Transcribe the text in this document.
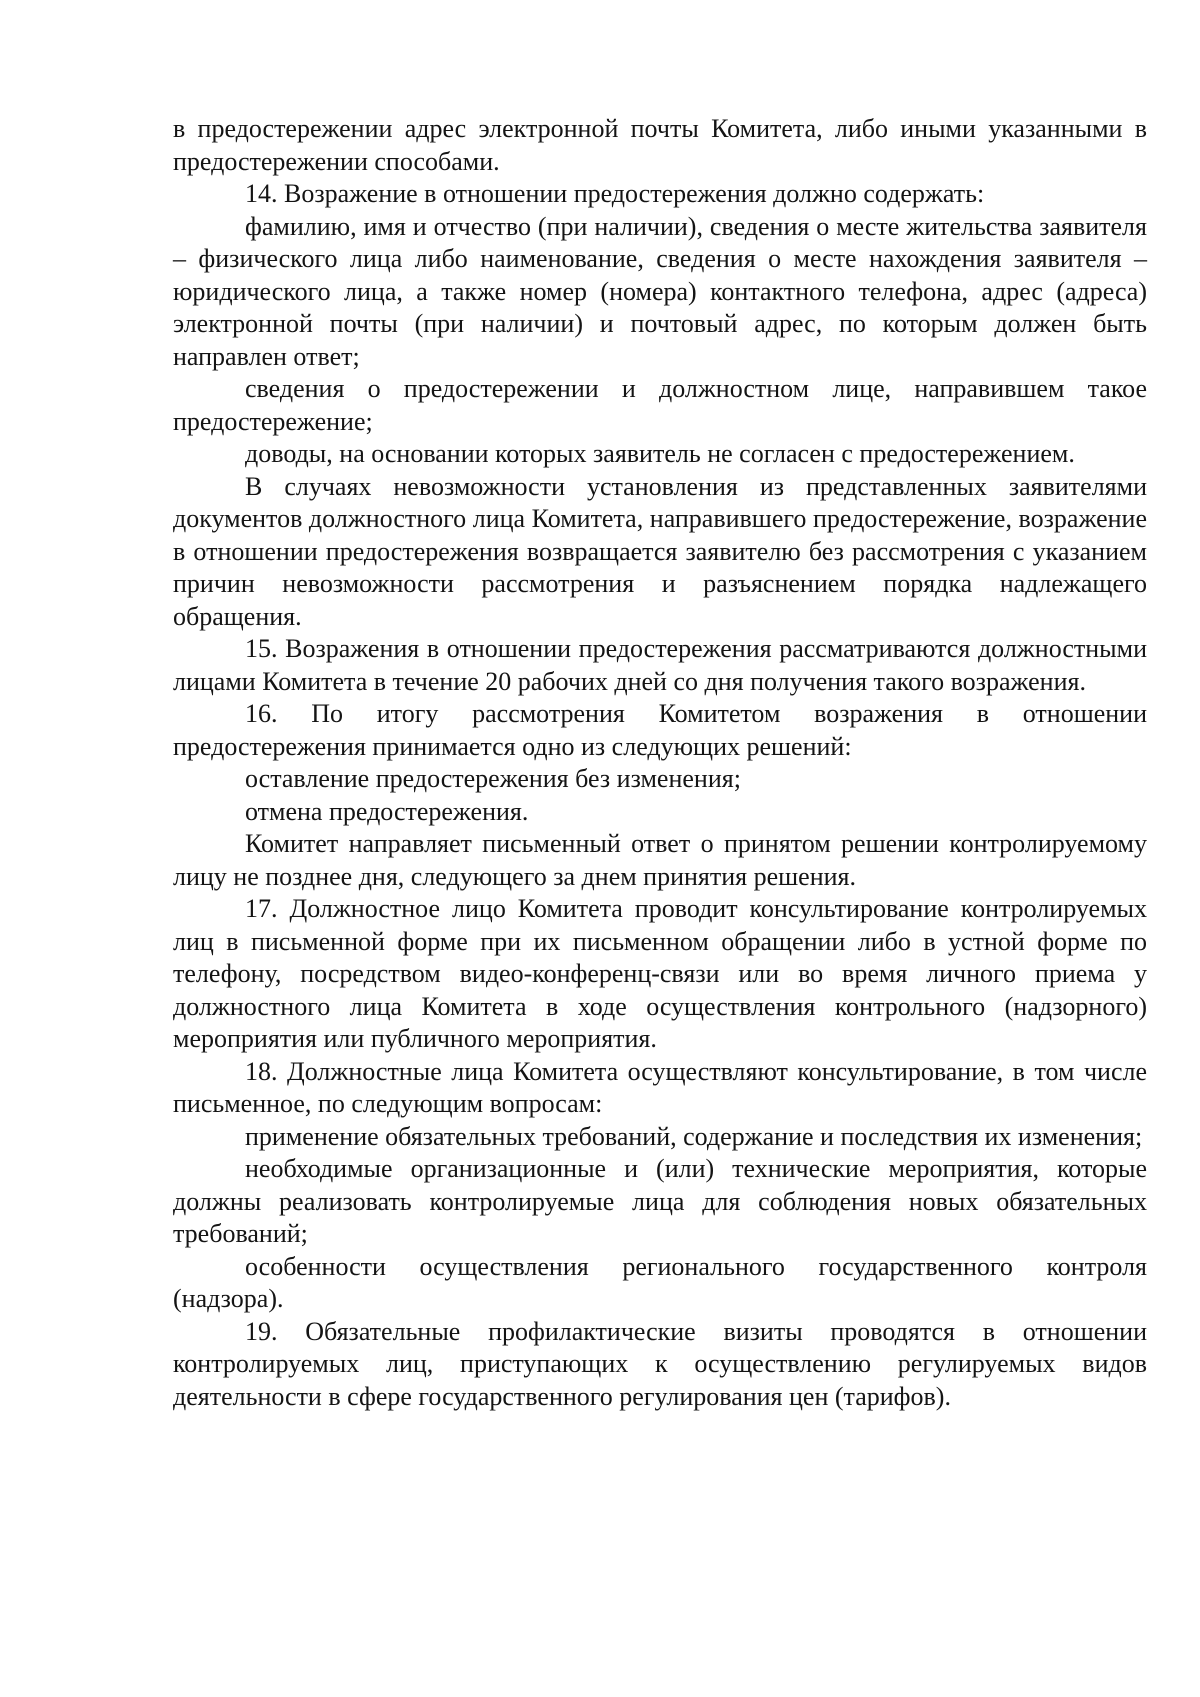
в предостережении адрес электронной почты Комитета, либо иными указанными в предостережении способами.

14. Возражение в отношении предостережения должно содержать:

фамилию, имя и отчество (при наличии), сведения о месте жительства заявителя – физического лица либо наименование, сведения о месте нахождения заявителя – юридического лица, а также номер (номера) контактного телефона, адрес (адреса) электронной почты (при наличии) и почтовый адрес, по которым должен быть направлен ответ;

сведения о предостережении и должностном лице, направившем такое предостережение;

доводы, на основании которых заявитель не согласен с предостережением.

В случаях невозможности установления из представленных заявителями документов должностного лица Комитета, направившего предостережение, возражение в отношении предостережения возвращается заявителю без рассмотрения с указанием причин невозможности рассмотрения и разъяснением порядка надлежащего обращения.

15. Возражения в отношении предостережения рассматриваются должностными лицами Комитета в течение 20 рабочих дней со дня получения такого возражения.

16. По итогу рассмотрения Комитетом возражения в отношении предостережения принимается одно из следующих решений:

оставление предостережения без изменения;

отмена предостережения.

Комитет направляет письменный ответ о принятом решении контролируемому лицу не позднее дня, следующего за днем принятия решения.

17. Должностное лицо Комитета проводит консультирование контролируемых лиц в письменной форме при их письменном обращении либо в устной форме по телефону, посредством видео-конференц-связи или во время личного приема у должностного лица Комитета в ходе осуществления контрольного (надзорного) мероприятия или публичного мероприятия.

18. Должностные лица Комитета осуществляют консультирование, в том числе письменное, по следующим вопросам:

применение обязательных требований, содержание и последствия их изменения;

необходимые организационные и (или) технические мероприятия, которые должны реализовать контролируемые лица для соблюдения новых обязательных требований;

особенности осуществления регионального государственного контроля (надзора).

19. Обязательные профилактические визиты проводятся в отношении контролируемых лиц, приступающих к осуществлению регулируемых видов деятельности в сфере государственного регулирования цен (тарифов).
